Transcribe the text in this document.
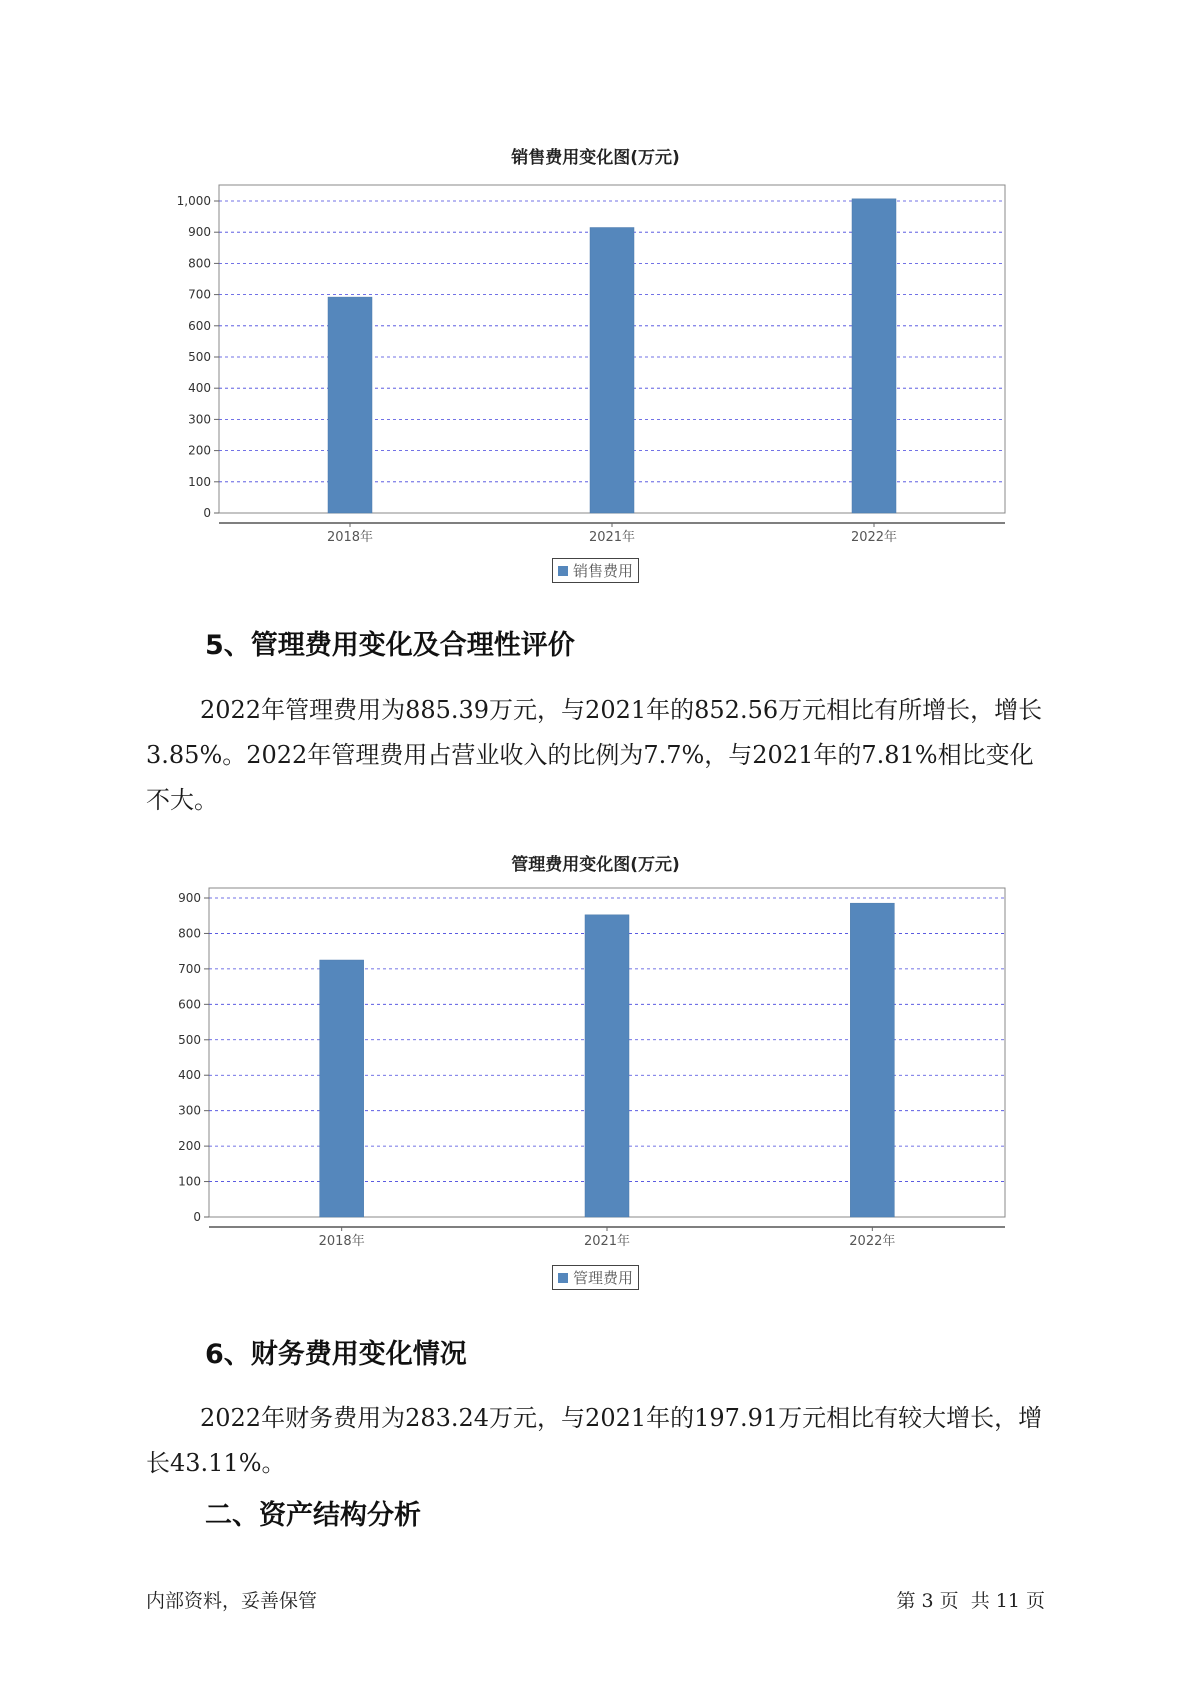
销售费用变化图(万元)
0
100
200
300
400
500
600
700
800
900
1,000
2018年	2021年	2022年
销售费用
5、管理费用变化及合理性评价

2022年管理费用为885.39万元，与2021年的852.56万元相比有所增长，增长3.85%。2022年管理费用占营业收入的比例为7.7%，与2021年的7.81%相比变化不大。

管理费用变化图(万元)
0
100
200
300
400
500
600
700
800
900
2018年	2021年	2022年
管理费用
6、财务费用变化情况

2022年财务费用为283.24万元，与2021年的197.91万元相比有较大增长，增长43.11%。

二、资产结构分析
内部资料，妥善保管	第 3 页  共 11 页
